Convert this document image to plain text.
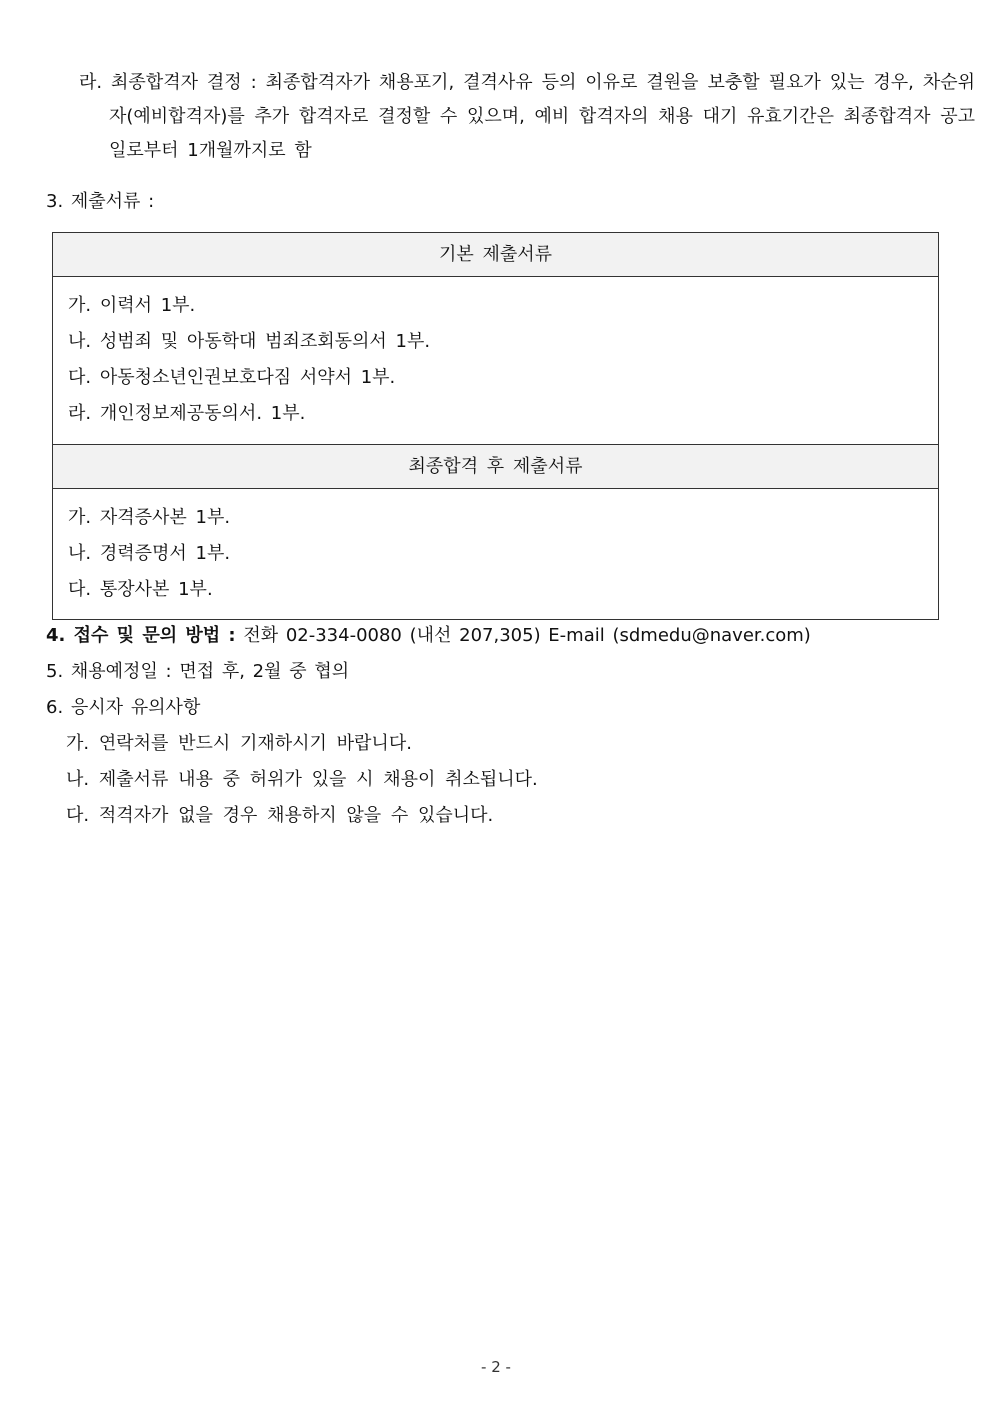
라. 최종합격자 결정 : 최종합격자가 채용포기, 결격사유 등의 이유로 결원을 보충할 필요가 있는 경우, 차순위자(예비합격자)를 추가 합격자로 결정할 수 있으며, 예비 합격자의 채용 대기 유효기간은 최종합격자 공고일로부터 1개월까지로 함
3. 제출서류 :
기본 제출서류
가. 이력서 1부.
나. 성범죄 및 아동학대 범죄조회동의서 1부.
다. 아동청소년인권보호다짐 서약서 1부.
라. 개인정보제공동의서. 1부.
최종합격 후 제출서류
가. 자격증사본 1부.
나. 경력증명서 1부.
다. 통장사본 1부.
4. 접수 및 문의 방법 : 전화 02-334-0080 (내선 207,305) E-mail (sdmedu@naver.com)
5. 채용예정일 : 면접 후, 2월 중 협의
6. 응시자 유의사항
가. 연락처를 반드시 기재하시기 바랍니다.
나. 제출서류 내용 중 허위가 있을 시 채용이 취소됩니다.
다. 적격자가 없을 경우 채용하지 않을 수 있습니다.
- 2 -
